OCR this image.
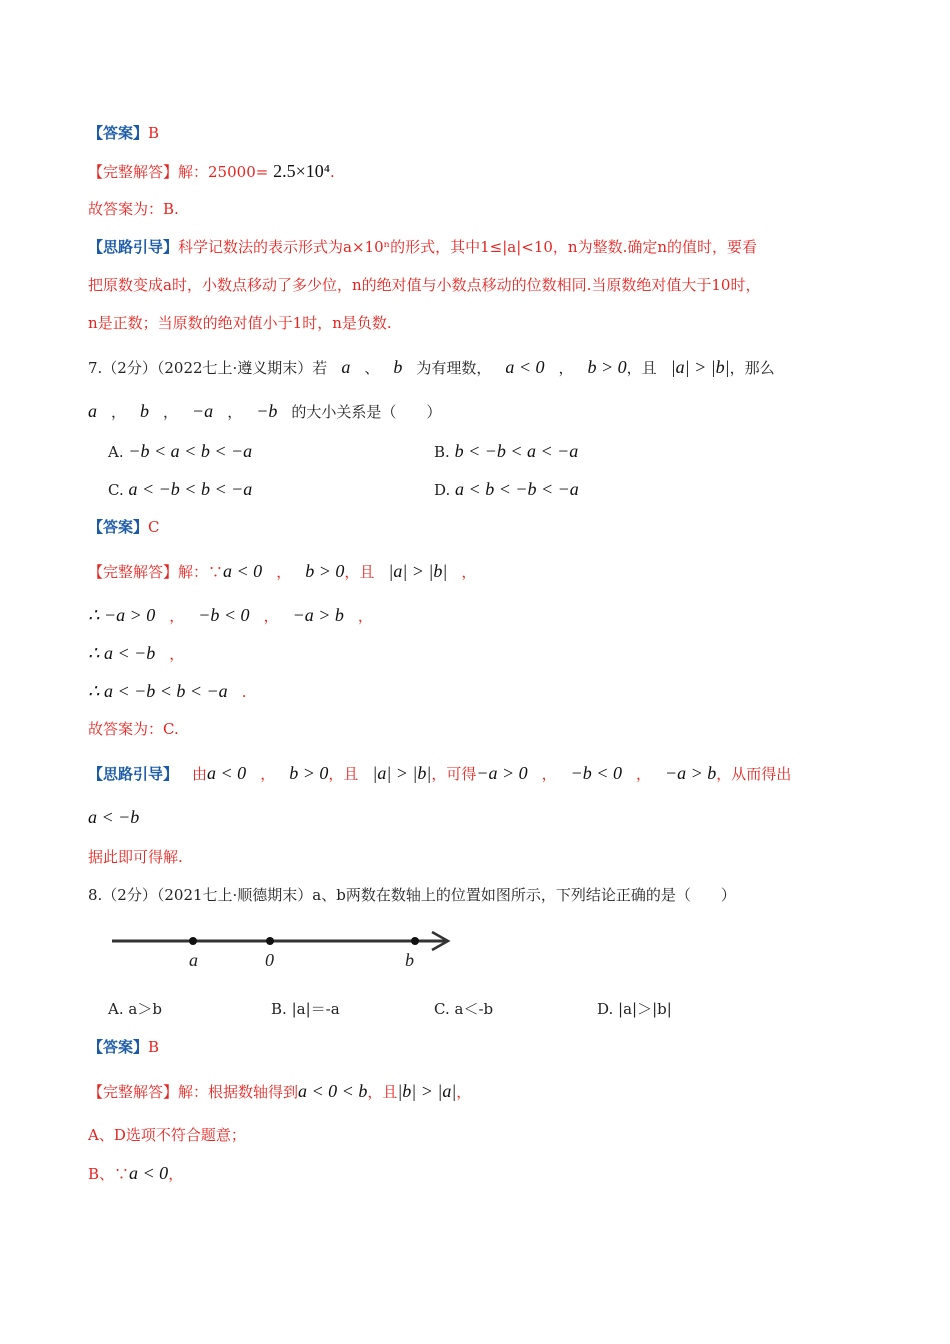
【答案】B
【完整解答】解：25000= 2.5×10⁴.
故答案为：B.
【思路引导】科学记数法的表示形式为a×10ⁿ的形式，其中1≤|a|<10，n为整数.确定n的值时，要看
把原数变成a时，小数点移动了多少位，n的绝对值与小数点移动的位数相同.当原数绝对值大于10时，
n是正数；当原数的绝对值小于1时，n是负数.
7.（2分）（2022七上·遵义期末）若 a 、 b 为有理数， a < 0 ， b > 0，且 |a| > |b|，那么
a ， b ， −a ， −b 的大小关系是（　　）
A. −b < a < b < −a	B. b < −b < a < −a
C. a < −b < b < −a	D. a < b < −b < −a
【答案】C
【完整解答】解：∵a < 0 ， b > 0，且 |a| > |b| ，
∴ −a > 0 ， −b < 0 ， −a > b ，
∴ a < −b ，
∴ a < −b < b < −a .
故答案为：C.
【思路引导】 由a < 0 ， b > 0，且 |a| > |b|，可得−a > 0 ， −b < 0 ， −a > b，从而得出
a < −b
据此即可得解.
8.（2分）（2021七上·顺德期末）a、b两数在数轴上的位置如图所示，下列结论正确的是（　　）
a	0	b
A. a＞b	B. |a|＝-a	C. a＜-b	D. |a|＞|b|
【答案】B
【完整解答】解：根据数轴得到a < 0 < b，且|b| > |a|，
A、D选项不符合题意；
B、∵a < 0，
